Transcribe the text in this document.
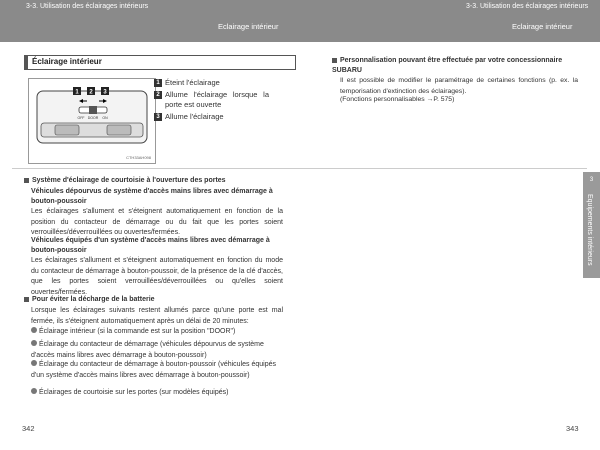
3-3. Utilisation des éclairages intérieurs
Eclairage intérieur
3-3. Utilisation des éclairages intérieurs
Eclairage intérieur
3
Equipements intérieurs
Éclairage intérieur
1 2 3
OFF DOOR ON
CTH33AH098
1 Éteint l'éclairage
2 Allume l'éclairage lorsque la porte est ouverte
3 Allume l'éclairage
Système d'éclairage de courtoisie à l'ouverture des portes
Véhicules dépourvus de système d'accès mains libres avec démarrage à bouton-poussoir
Les éclairages s'allument et s'éteignent automatiquement en fonction de la position du contacteur de démarrage ou du fait que les portes soient verrouillées/déverrouillées ou ouvertes/fermées.
Véhicules équipés d'un système d'accès mains libres avec démarrage à bouton-poussoir
Les éclairages s'allument et s'éteignent automatiquement en fonction du mode du contacteur de démarrage à bouton-poussoir, de la présence de la clé d'accès, que les portes soient verrouillées/déverrouillées ou qu'elles soient ouvertes/fermées.
Pour éviter la décharge de la batterie
Lorsque les éclairages suivants restent allumés parce qu'une porte est mal fermée, ils s'éteignent automatiquement après un délai de 20 minutes:
Éclairage intérieur (si la commande est sur la position "DOOR")
Éclairage du contacteur de démarrage (véhicules dépourvus de système d'accès mains libres avec démarrage à bouton-poussoir)
Éclairage du contacteur de démarrage à bouton-poussoir (véhicules équipés d'un système d'accès mains libres avec démarrage à bouton-poussoir)
Éclairages de courtoisie sur les portes (sur modèles équipés)
Personnalisation pouvant être effectuée par votre concessionnaire SUBARU
Il est possible de modifier le paramétrage de certaines fonctions (p. ex. la temporisation d'extinction des éclairages).
(Fonctions personnalisables →P. 575)
342	343
